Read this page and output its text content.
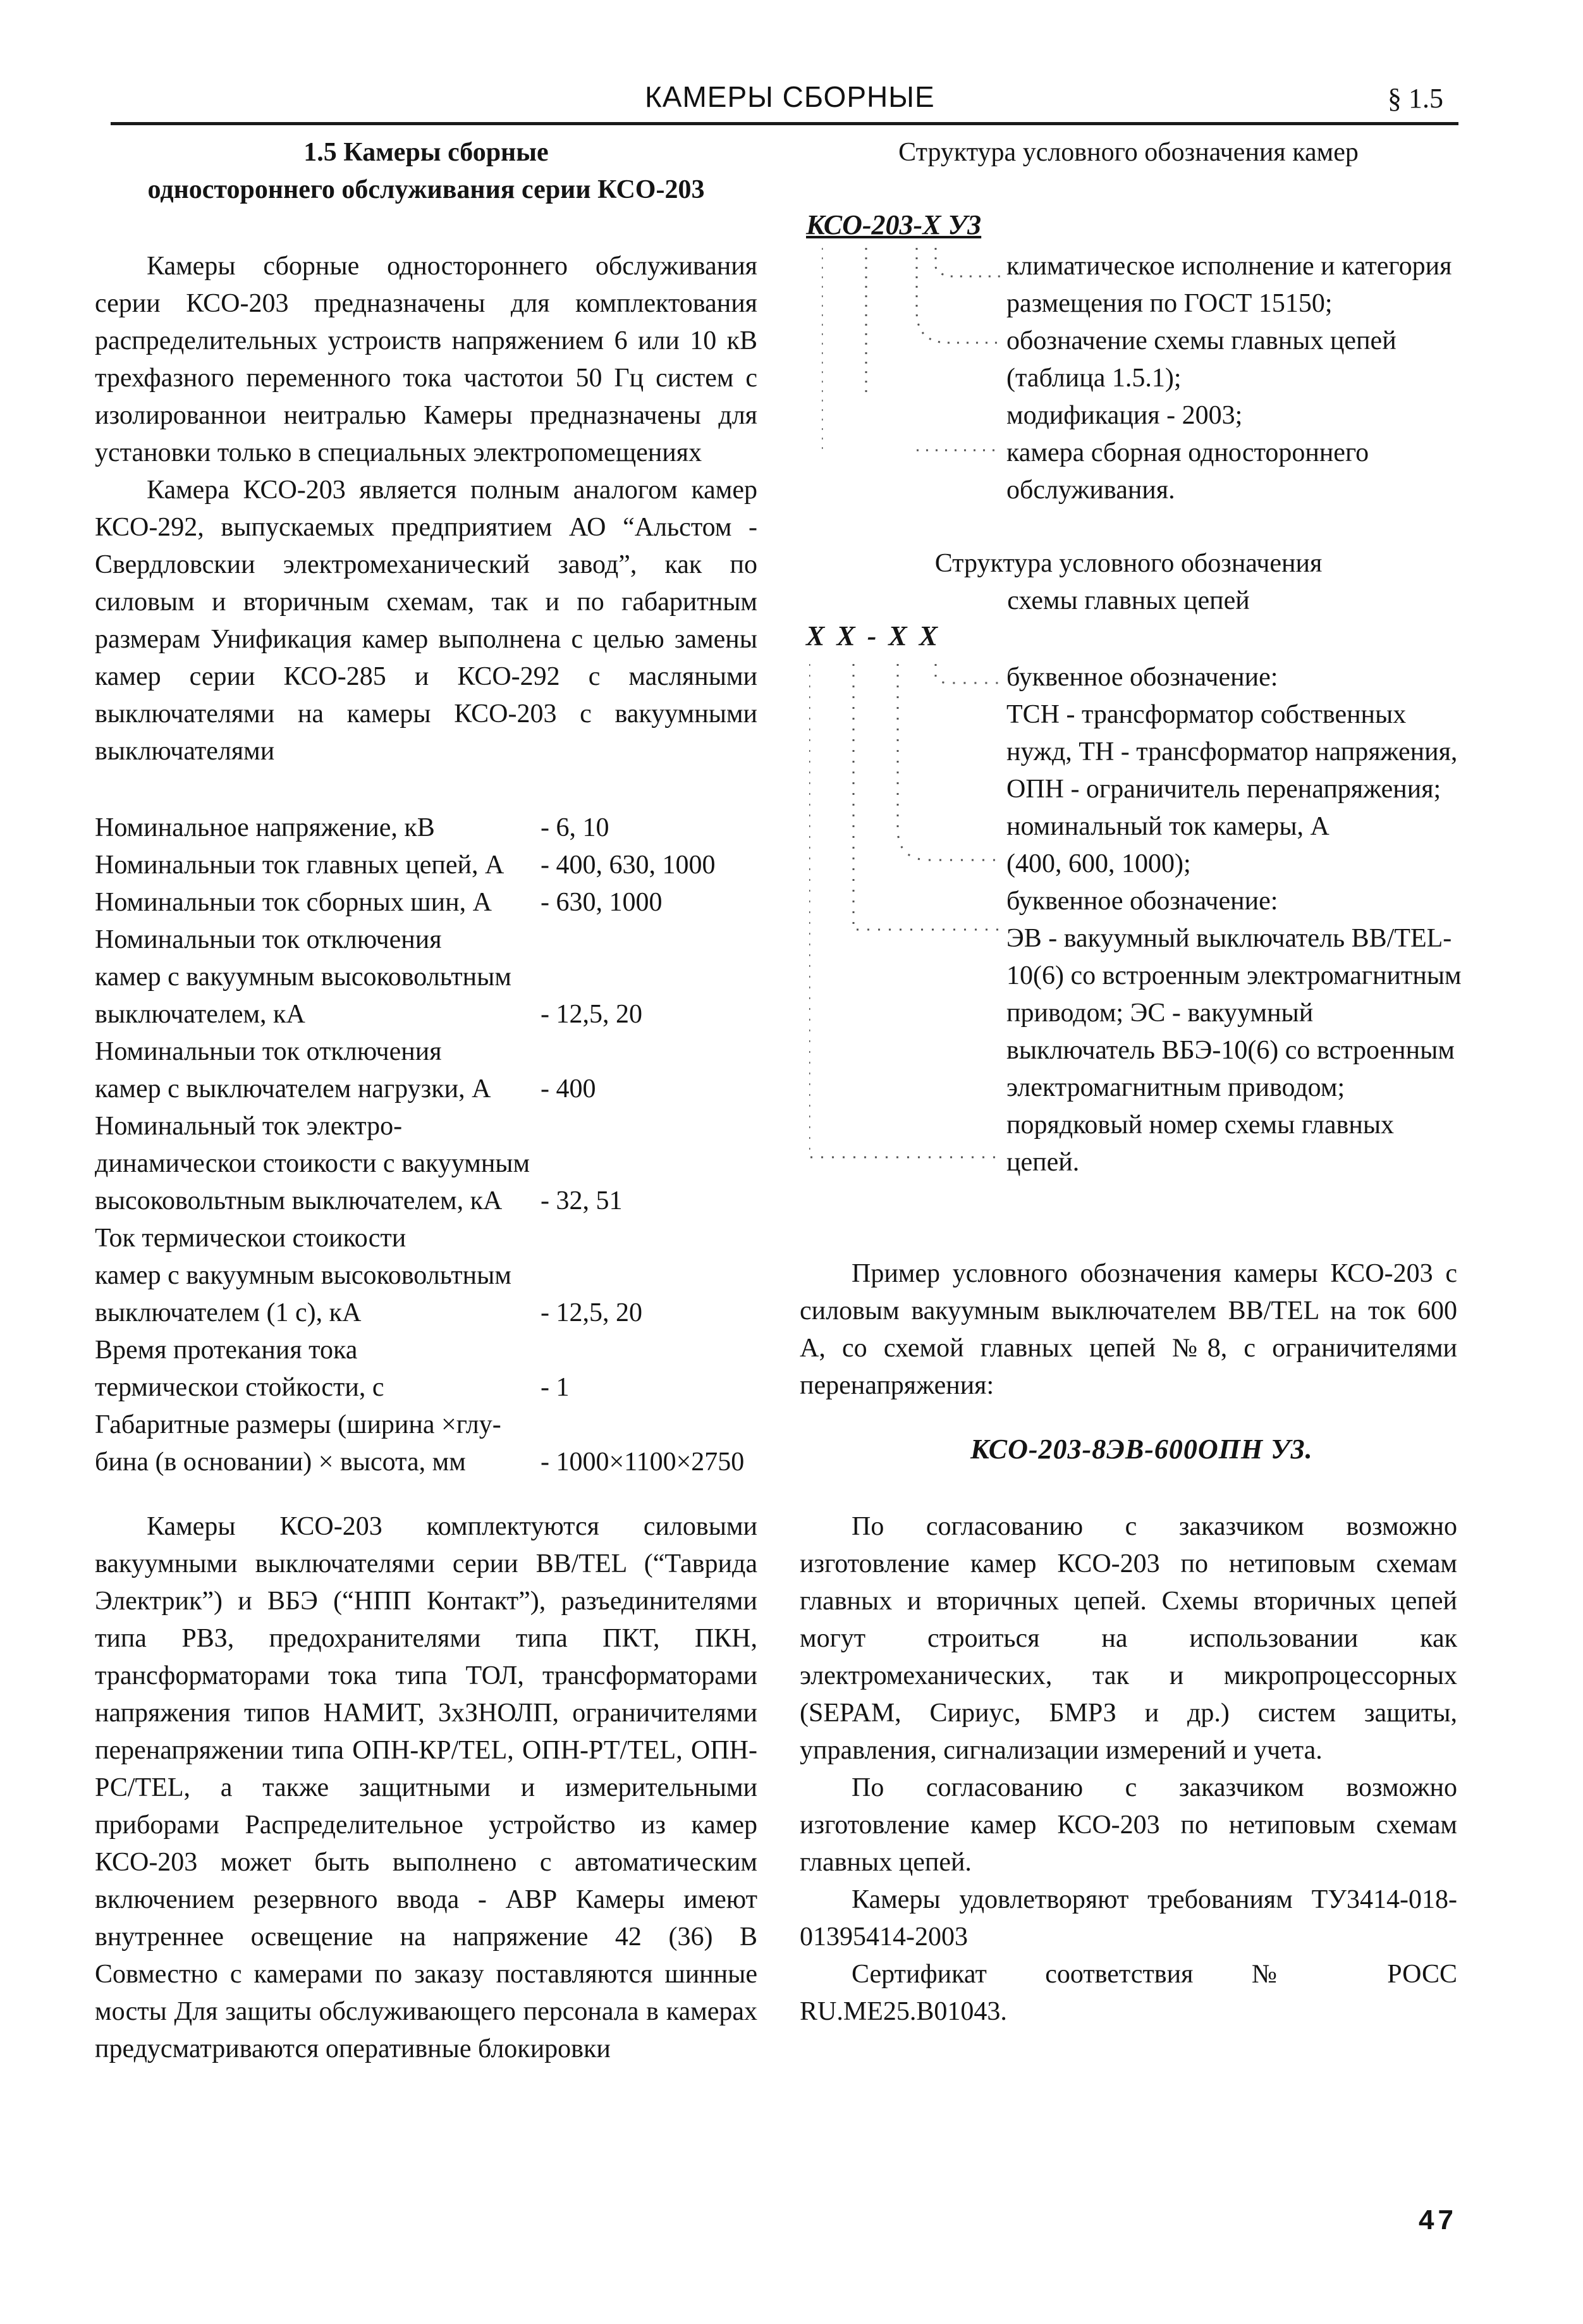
КАМЕРЫ СБОРНЫЕ	§ 1.5
1.5 Камеры сборные
одностороннего обслуживания серии КСО-203

Камеры сборные одностороннего обслуживания серии КСО-203 предназначены для комплектования распределительных устроиств напряжением 6 или 10 кВ трехфазного переменного тока частотои 50 Гц систем с изолированнои неитралью Камеры предназначены для установки только в специальных электропомещениях

Камера КСО-203 является полным аналогом камер КСО-292, выпускаемых предприятием АО “Альстом - Свердловскии электромеханический завод”, как по силовым и вторичным схемам, так и по габаритным размерам Унификация камер выполнена с целью замены камер серии КСО-285 и КСО-292 с масляными выключателями на камеры КСО-203 с вакуумными выключателями

Номинальное напряжение, кВ	- 6, 10
Номинальныи ток главных цепей, А	- 400, 630, 1000
Номинальныи ток сборных шин, А	- 630, 1000
Номинальныи ток отключения
камер с вакуумным высоковольтным
выключателем, кА	- 12,5, 20
Номинальныи ток отключения
камер с выключателем нагрузки, А	- 400
Номинальный ток электро-
динамическои стоикости с вакуумным
высоковольтным выключателем, кА	- 32, 51
Ток термическои стоикости
камер с вакуумным высоковольтным
выключателем (1 с), кА	- 12,5, 20
Время протекания тока
термическои стойкости, с	- 1
Габаритные размеры (ширина ×глу-
бина (в основании) × высота, мм	- 1000×1100×2750

Камеры КСО-203 комплектуются силовыми вакуумными выключателями серии BB/TEL (“Таврида Электрик”) и ВБЭ (“НПП Контакт”), разъединителями типа РВЗ, предохранителями типа ПКТ, ПКН, трансформаторами тока типа ТОЛ, трансформаторами напряжения типов НАМИТ, 3хЗНОЛП, ограничителями перенапряжении типа ОПН-КР/TEL, ОПН-РТ/TEL, ОПН-РС/TEL, а также защитными и измерительными приборами Распределительное устройство из камер КСО-203 может быть выполнено с автоматическим включением резервного ввода - АВР Камеры имеют внутреннее освещение на напряжение 42 (36) В Совместно с камерами по заказу поставляются шинные мосты Для защиты обслуживающего персонала в камерах предусматриваются оперативные блокировки

Структура условного обозначения камер
КСО-203-Х У3

климатическое исполнение и категория размещения по ГОСТ 15150;

обозначение схемы главных цепей (таблица 1.5.1);

модификация - 2003;

камера сборная одностороннего обслуживания.

Структура условного обозначения
схемы главных цепей
X X - X X

буквенное обозначение:

ТСН - трансформатор собственных нужд, ТН - трансформатор напряжения, ОПН - ограничитель перенапряжения;

номинальный ток камеры, А

(400, 600, 1000);

буквенное обозначение:

ЭВ - вакуумный выключатель BB/TEL-10(6) со встроенным электромагнитным приводом; ЭС - вакуумный выключатель ВБЭ-10(6) со встроенным электромагнитным приводом;

порядковый номер схемы главных цепей.

Пример условного обозначения камеры КСО-203 с силовым вакуумным выключателем BB/TEL на ток 600 А, со схемой главных цепей №8, с ограничителями перенапряжения:

КСО-203-8ЭВ-600ОПН У3.

По согласованию с заказчиком возможно изготовление камер КСО-203 по нетиповым схемам главных и вторичных цепей. Схемы вторичных цепей могут строиться на использовании как электромеханических, так и микропроцессорных (SEPAM, Сириус, БМРЗ и др.) систем защиты, управления, сигнализации измерений и учета.

По согласованию с заказчиком возможно изготовление камер КСО-203 по нетиповым схемам главных цепей.

Камеры удовлетворяют требованиям ТУ3414-018-01395414-2003

Сертификат соответствия № РОСС RU.ME25.B01043.

47
